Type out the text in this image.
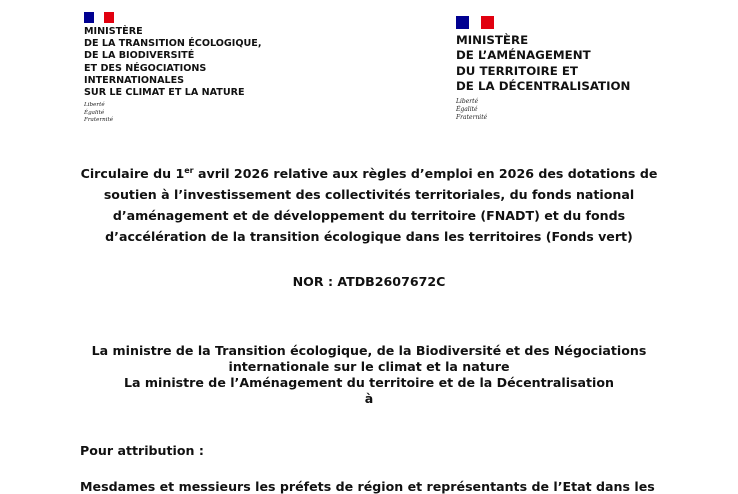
MINISTÈRE
DE LA TRANSITION ÉCOLOGIQUE,
DE LA BIODIVERSITÉ
ET DES NÉGOCIATIONS
INTERNATIONALES
SUR LE CLIMAT ET LA NATURE
Liberté
Égalité
Fraternité
MINISTÈRE
DE L’AMÉNAGEMENT
DU TERRITOIRE ET
DE LA DÉCENTRALISATION
Liberté
Égalité
Fraternité
Circulaire du 1er avril 2026 relative aux règles d’emploi en 2026 des dotations de
soutien à l’investissement des collectivités territoriales, du fonds national
d’aménagement et de développement du territoire (FNADT) et du fonds
d’accélération de la transition écologique dans les territoires (Fonds vert)
NOR : ATDB2607672C
La ministre de la Transition écologique, de la Biodiversité et des Négociations
internationale sur le climat et la nature
La ministre de l’Aménagement du territoire et de la Décentralisation
à
Pour attribution :
Mesdames et messieurs les préfets de région et représentants de l’Etat dans les
